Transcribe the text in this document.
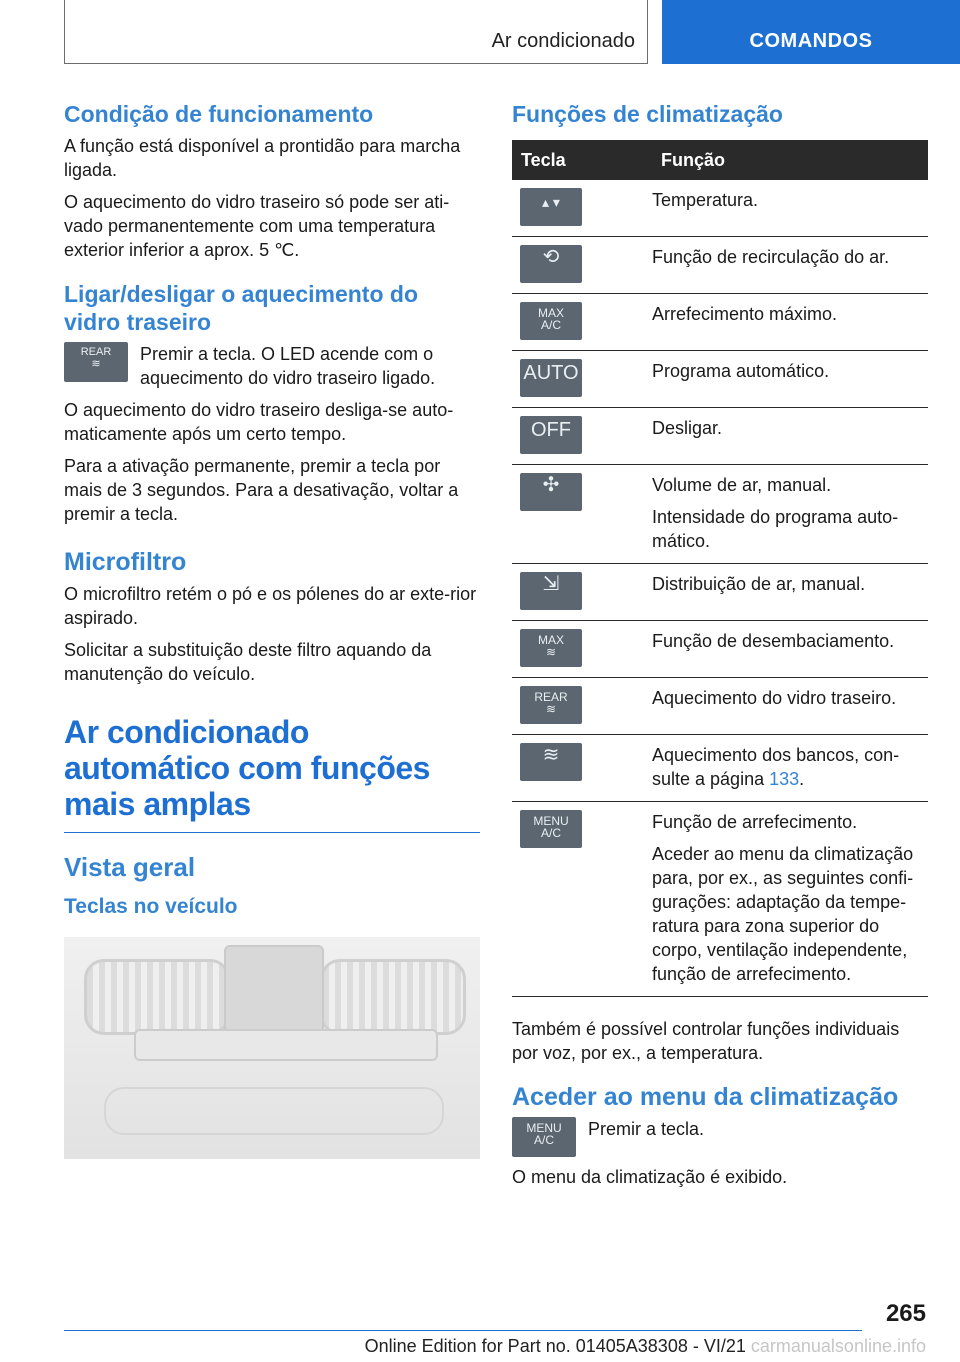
Ar condicionado	COMANDOS
Condição de funcionamento

A função está disponível a prontidão para marcha ligada.

O aquecimento do vidro traseiro só pode ser ati-vado permanentemente com uma temperatura exterior inferior a aprox. 5 ℃.

Ligar/desligar o aquecimento do vidro traseiro
REAR
≋	Premir a tecla. O LED acende com o aquecimento do vidro traseiro ligado.

O aquecimento do vidro traseiro desliga-se auto-maticamente após um certo tempo.

Para a ativação permanente, premir a tecla por mais de 3 segundos. Para a desativação, voltar a premir a tecla.

Microfiltro

O microfiltro retém o pó e os pólenes do ar exte-rior aspirado.

Solicitar a substituição deste filtro aquando da manutenção do veículo.

Ar condicionado automático com funções mais amplas
Vista geral
Teclas no veículo
Funções de climatização
Tecla	Função
▴ ▾	Temperatura.

⟲	Função de recirculação do ar.

MAX A/C	Arrefecimento máximo.

AUTO	Programa automático.

OFF	Desligar.

✣	Volume de ar, manual.

Intensidade do programa auto-mático.

⇲	Distribuição de ar, manual.

MAX ≋	Função de desembaciamento.

REAR ≋	Aquecimento do vidro traseiro.

≋	Aquecimento dos bancos, con-sulte a página 133.

MENU A/C	Função de arrefecimento.

Aceder ao menu da climatização para, por ex., as seguintes confi-gurações: adaptação da tempe-ratura para zona superior do corpo, ventilação independente, função de arrefecimento.

Também é possível controlar funções individuais por voz, por ex., a temperatura.

Aceder ao menu da climatização
MENU A/C

Premir a tecla.

O menu da climatização é exibido.

265
Online Edition for Part no. 01405A38308 - VI/21 carmanualsonline.info
